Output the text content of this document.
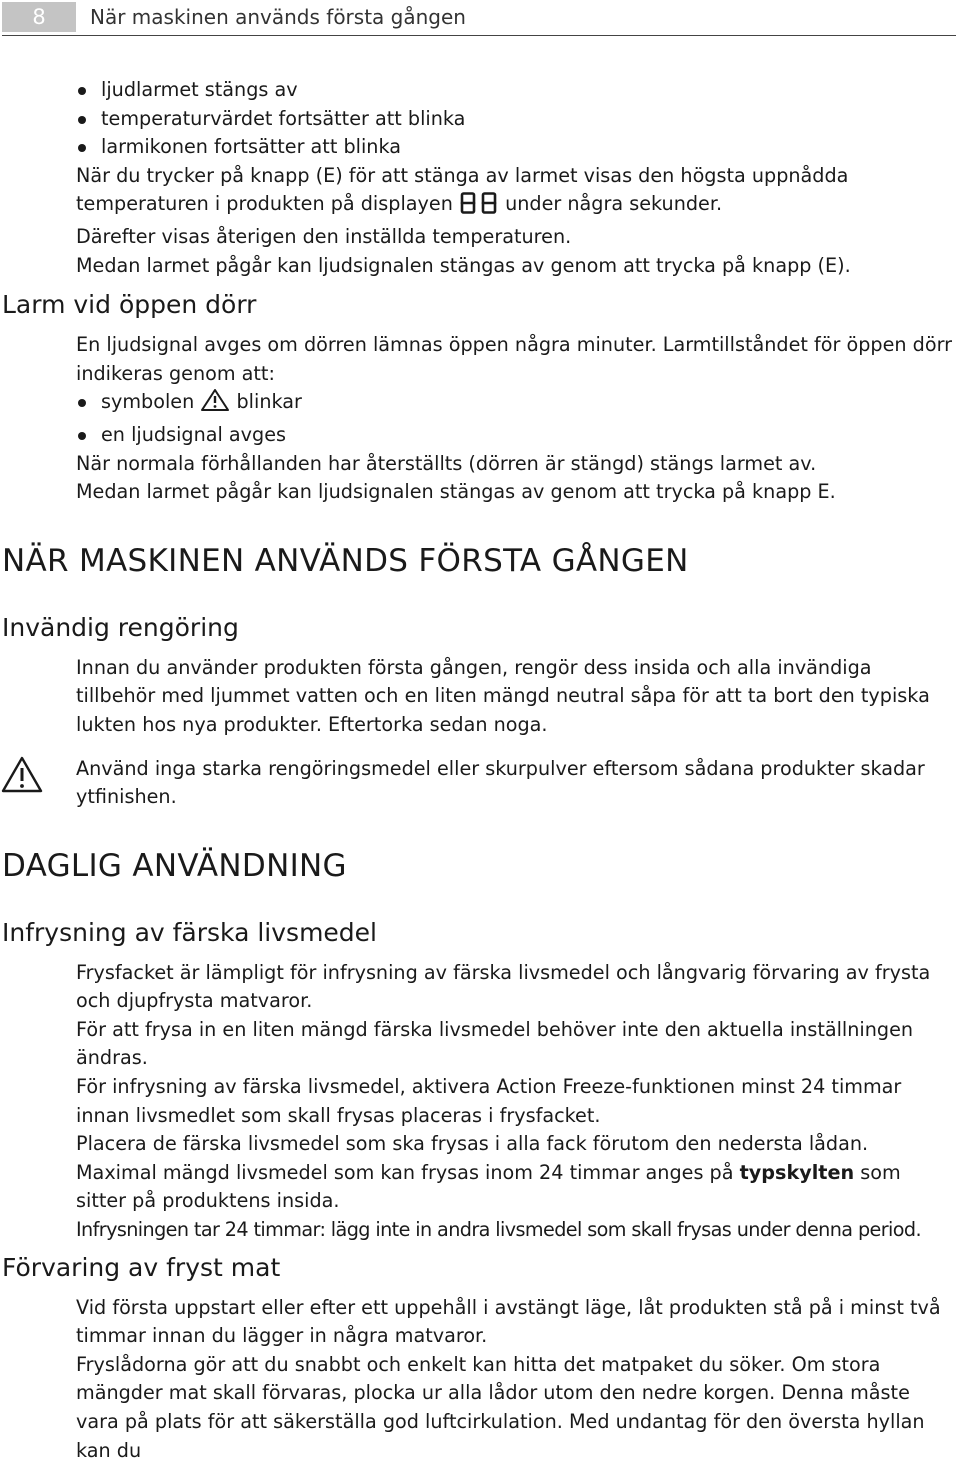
8	När maskinen används första gången
ljudlarmet stängs av
temperaturvärdet fortsätter att blinka
larmikonen fortsätter att blinka

När du trycker på knapp (E) för att stänga av larmet visas den högsta uppnådda temperaturen i produkten på displayen	under några sekunder.

Därefter visas återigen den inställda temperaturen.

Medan larmet pågår kan ljudsignalen stängas av genom att trycka på knapp (E).

Larm vid öppen dörr

En ljudsignal avges om dörren lämnas öppen några minuter. Larmtillståndet för öppen dörr indikeras genom att:

symbolen blinkar
en ljudsignal avges

När normala förhållanden har återställts (dörren är stängd) stängs larmet av.

Medan larmet pågår kan ljudsignalen stängas av genom att trycka på knapp E.

NÄR MASKINEN ANVÄNDS FÖRSTA GÅNGEN
Invändig rengöring

Innan du använder produkten första gången, rengör dess insida och alla invändiga tillbehör med ljummet vatten och en liten mängd neutral såpa för att ta bort den typiska lukten hos nya produkter. Eftertorka sedan noga.

Använd inga starka rengöringsmedel eller skurpulver eftersom sådana produkter skadar ytfinishen.

DAGLIG ANVÄNDNING
Infrysning av färska livsmedel

Frysfacket är lämpligt för infrysning av färska livsmedel och långvarig förvaring av frysta och djupfrysta matvaror.

För att frysa in en liten mängd färska livsmedel behöver inte den aktuella inställningen ändras.

För infrysning av färska livsmedel, aktivera Action Freeze-funktionen minst 24 timmar innan livsmedlet som skall frysas placeras i frysfacket.

Placera de färska livsmedel som ska frysas i alla fack förutom den nedersta lådan.

Maximal mängd livsmedel som kan frysas inom 24 timmar anges på typskylten som sitter på produktens insida.

Infrysningen tar 24 timmar: lägg inte in andra livsmedel som skall frysas under denna period.

Förvaring av fryst mat

Vid första uppstart eller efter ett uppehåll i avstängt läge, låt produkten stå på i minst två timmar innan du lägger in några matvaror.

Fryslådorna gör att du snabbt och enkelt kan hitta det matpaket du söker. Om stora mängder mat skall förvaras, plocka ur alla lådor utom den nedre korgen. Denna måste vara på plats för att säkerställa god luftcirkulation. Med undantag för den översta hyllan kan du
